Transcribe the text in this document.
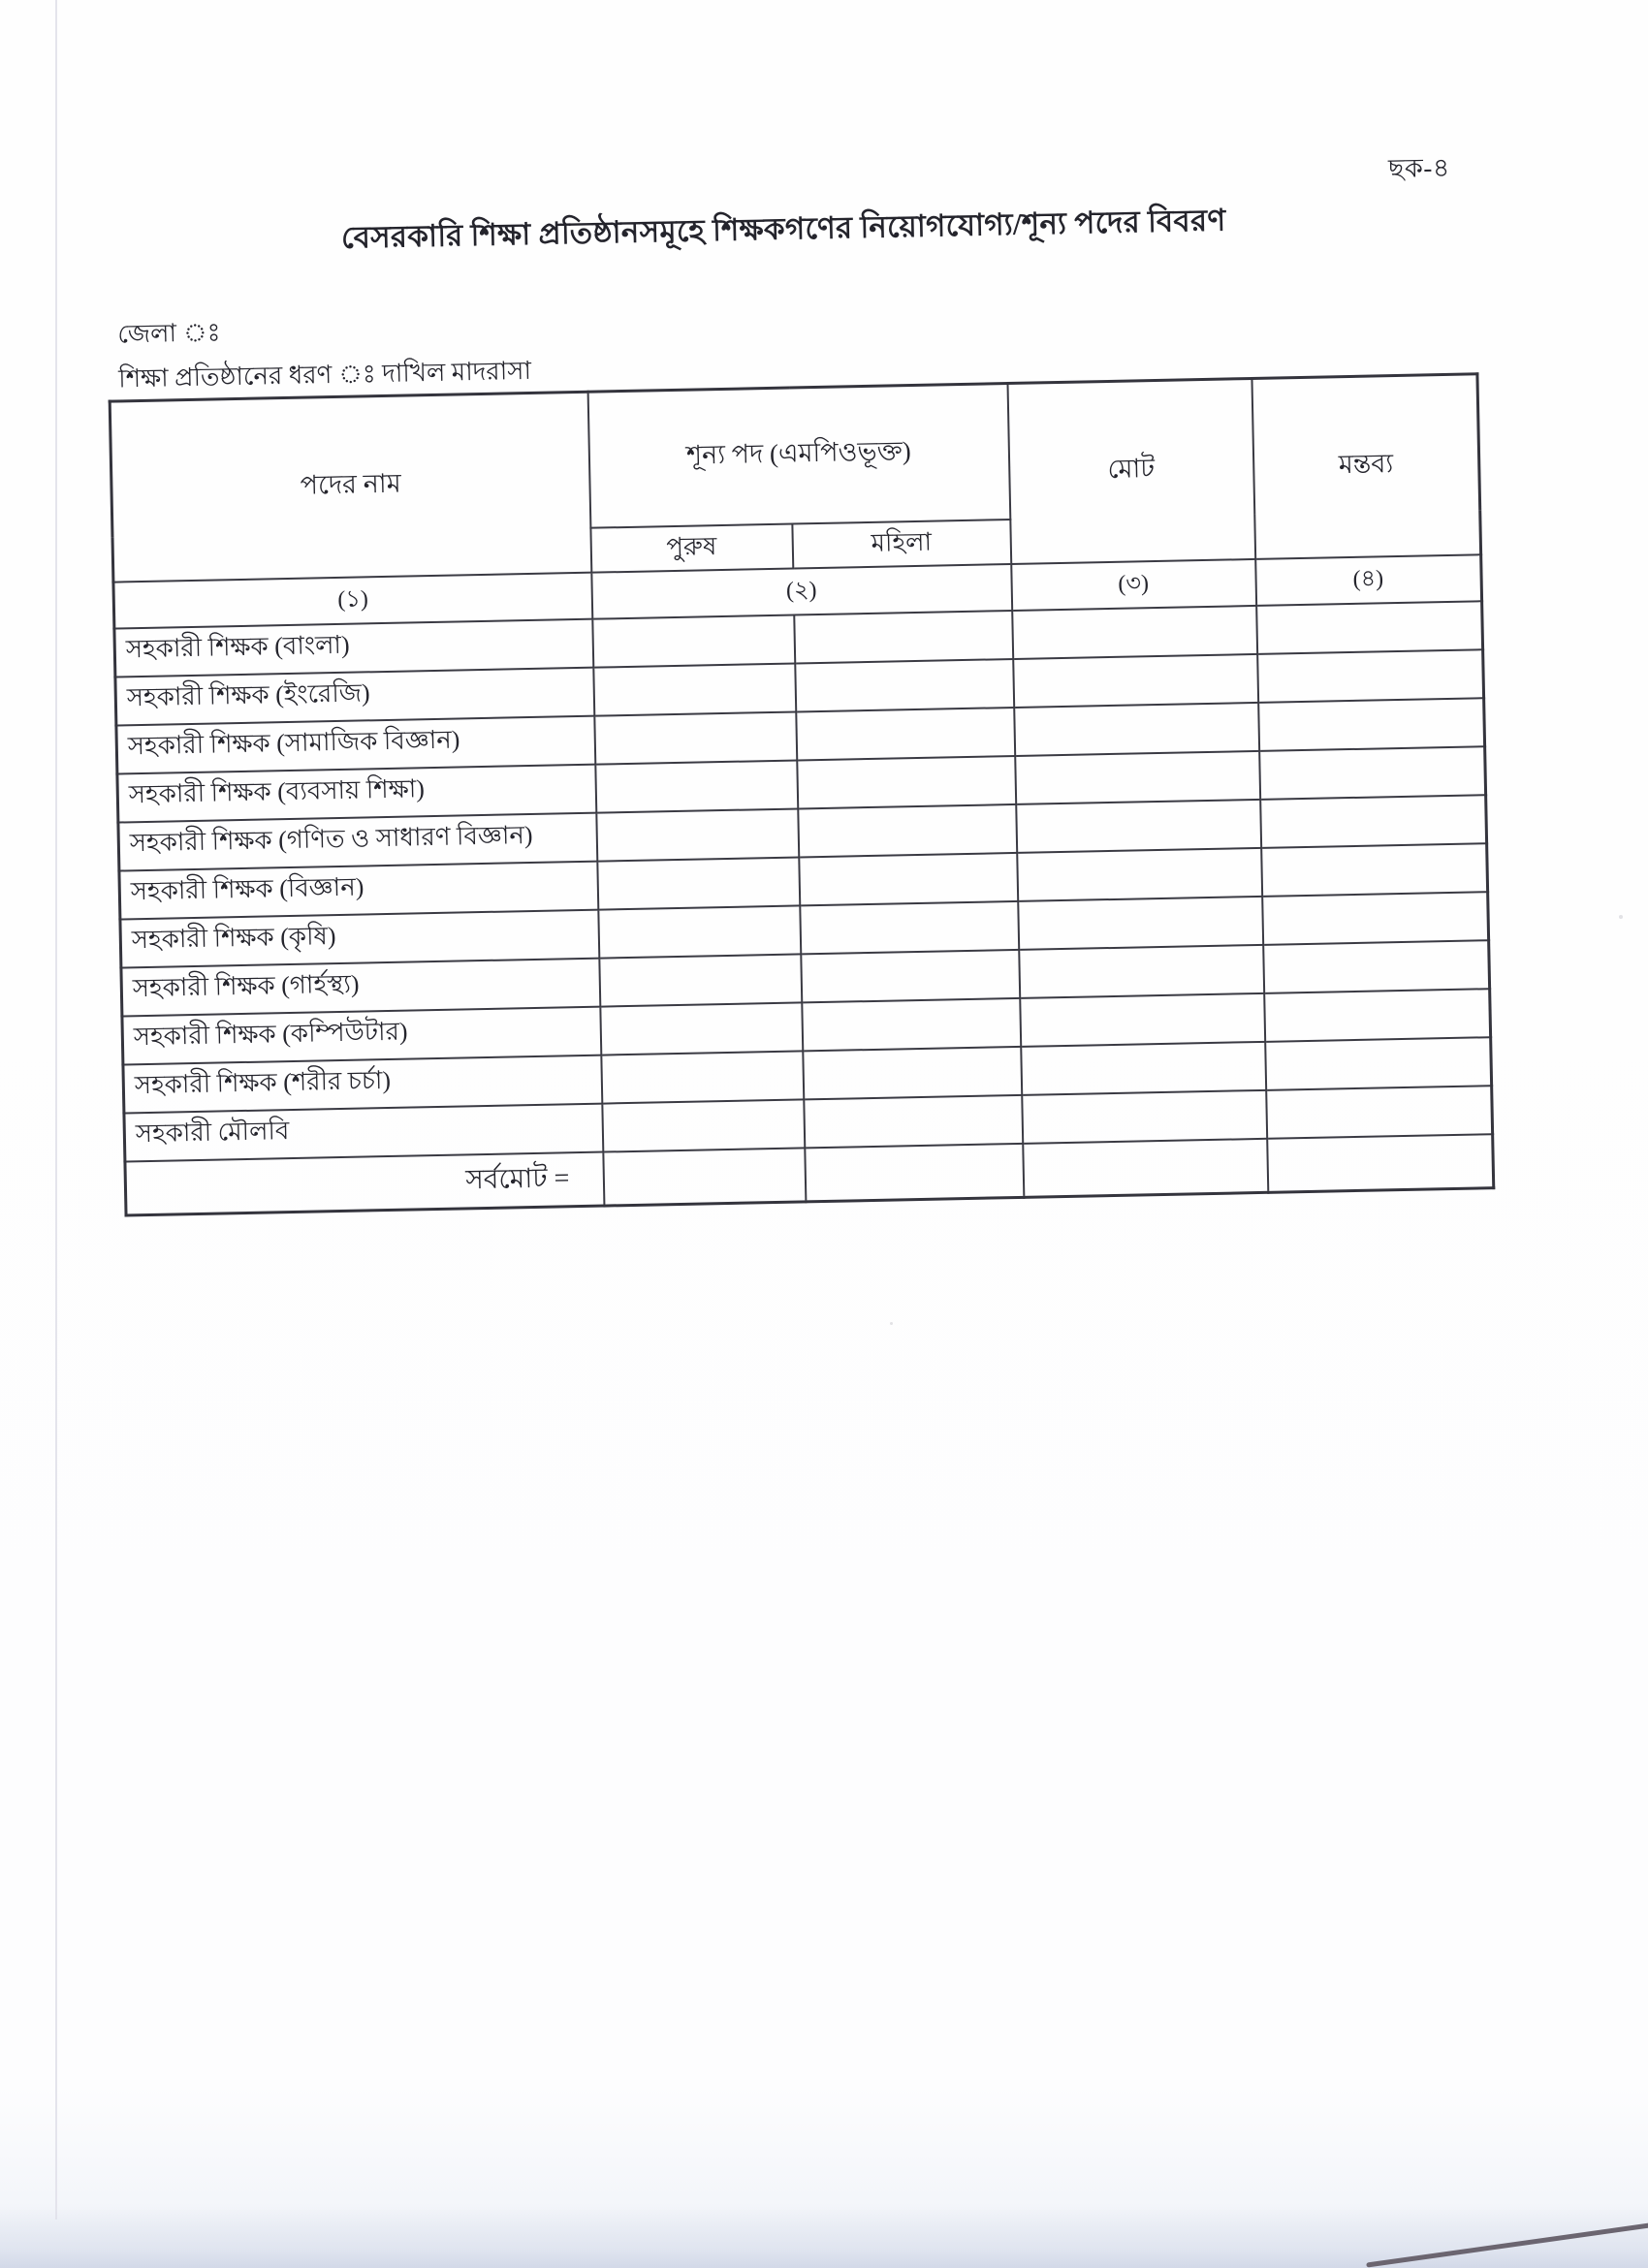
ছক-৪
বেসরকারি শিক্ষা প্রতিষ্ঠানসমূহে শিক্ষকগণের নিয়োগযোগ্য/শূন্য পদের বিবরণ
জেলা ঃ
শিক্ষা প্রতিষ্ঠানের ধরণ ঃ দাখিল মাদরাসা
পদের নাম	শূন্য পদ (এমপিওভূক্ত)		মোট	মন্তব্য
	পুরুষ	মহিলা		
(১)	(২)		(৩)	(৪)
সহকারী শিক্ষক (বাংলা)				
সহকারী শিক্ষক (ইংরেজি)				
সহকারী শিক্ষক (সামাজিক বিজ্ঞান)				
সহকারী শিক্ষক (ব্যবসায় শিক্ষা)				
সহকারী শিক্ষক (গণিত ও সাধারণ বিজ্ঞান)				
সহকারী শিক্ষক (বিজ্ঞান)				
সহকারী শিক্ষক (কৃষি)				
সহকারী শিক্ষক (গার্হস্থ্য)				
সহকারী শিক্ষক (কম্পিউটার)				
সহকারী শিক্ষক (শরীর চর্চা)				
সহকারী মৌলবি				
সর্বমোট =				
